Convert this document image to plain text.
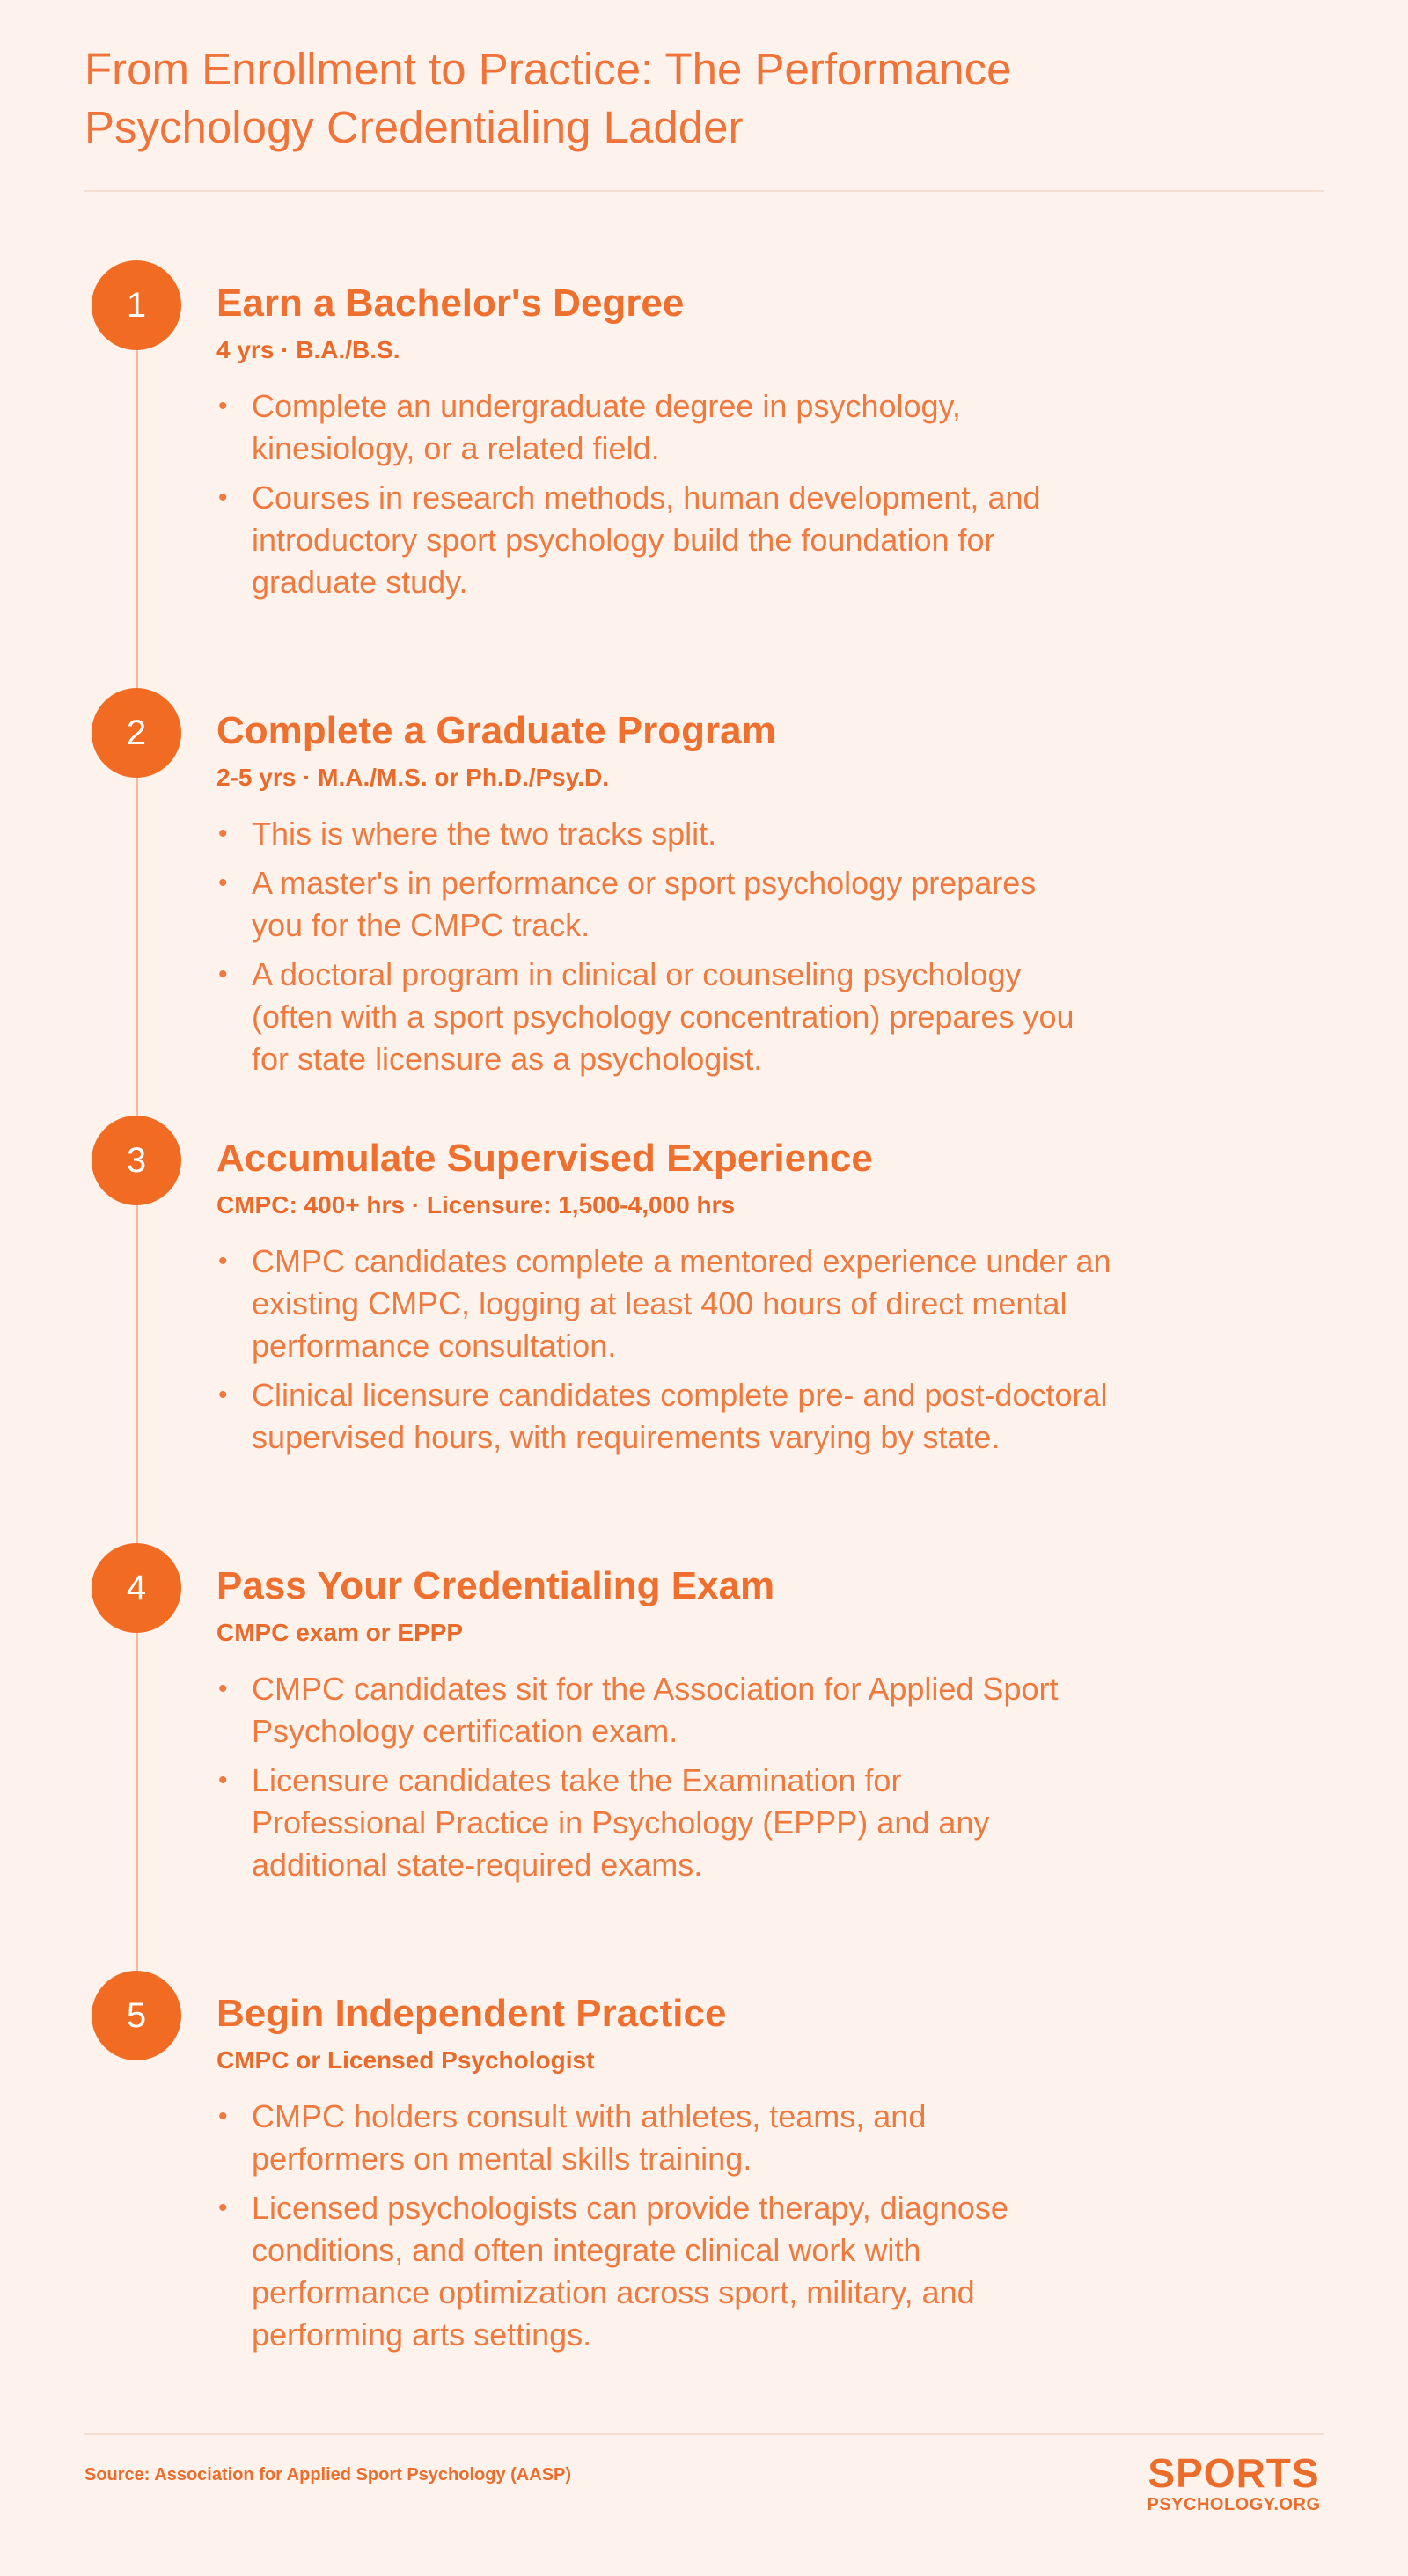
From Enrollment to Practice: The Performance Psychology Credentialing Ladder
1	Earn a Bachelor's Degree
4 yrs · B.A./B.S.
• Complete an undergraduate degree in psychology, kinesiology, or a related field.
• Courses in research methods, human development, and introductory sport psychology build the foundation for graduate study.
2	Complete a Graduate Program
2-5 yrs · M.A./M.S. or Ph.D./Psy.D.
• This is where the two tracks split.
• A master's in performance or sport psychology prepares you for the CMPC track.
• A doctoral program in clinical or counseling psychology (often with a sport psychology concentration) prepares you for state licensure as a psychologist.
3	Accumulate Supervised Experience
CMPC: 400+ hrs · Licensure: 1,500-4,000 hrs
• CMPC candidates complete a mentored experience under an existing CMPC, logging at least 400 hours of direct mental performance consultation.
• Clinical licensure candidates complete pre- and post-doctoral supervised hours, with requirements varying by state.
4	Pass Your Credentialing Exam
CMPC exam or EPPP
• CMPC candidates sit for the Association for Applied Sport Psychology certification exam.
• Licensure candidates take the Examination for Professional Practice in Psychology (EPPP) and any additional state-required exams.
5	Begin Independent Practice
CMPC or Licensed Psychologist
• CMPC holders consult with athletes, teams, and performers on mental skills training.
• Licensed psychologists can provide therapy, diagnose conditions, and often integrate clinical work with performance optimization across sport, military, and performing arts settings.
Source: Association for Applied Sport Psychology (AASP)	SPORTS
PSYCHOLOGY.ORG
